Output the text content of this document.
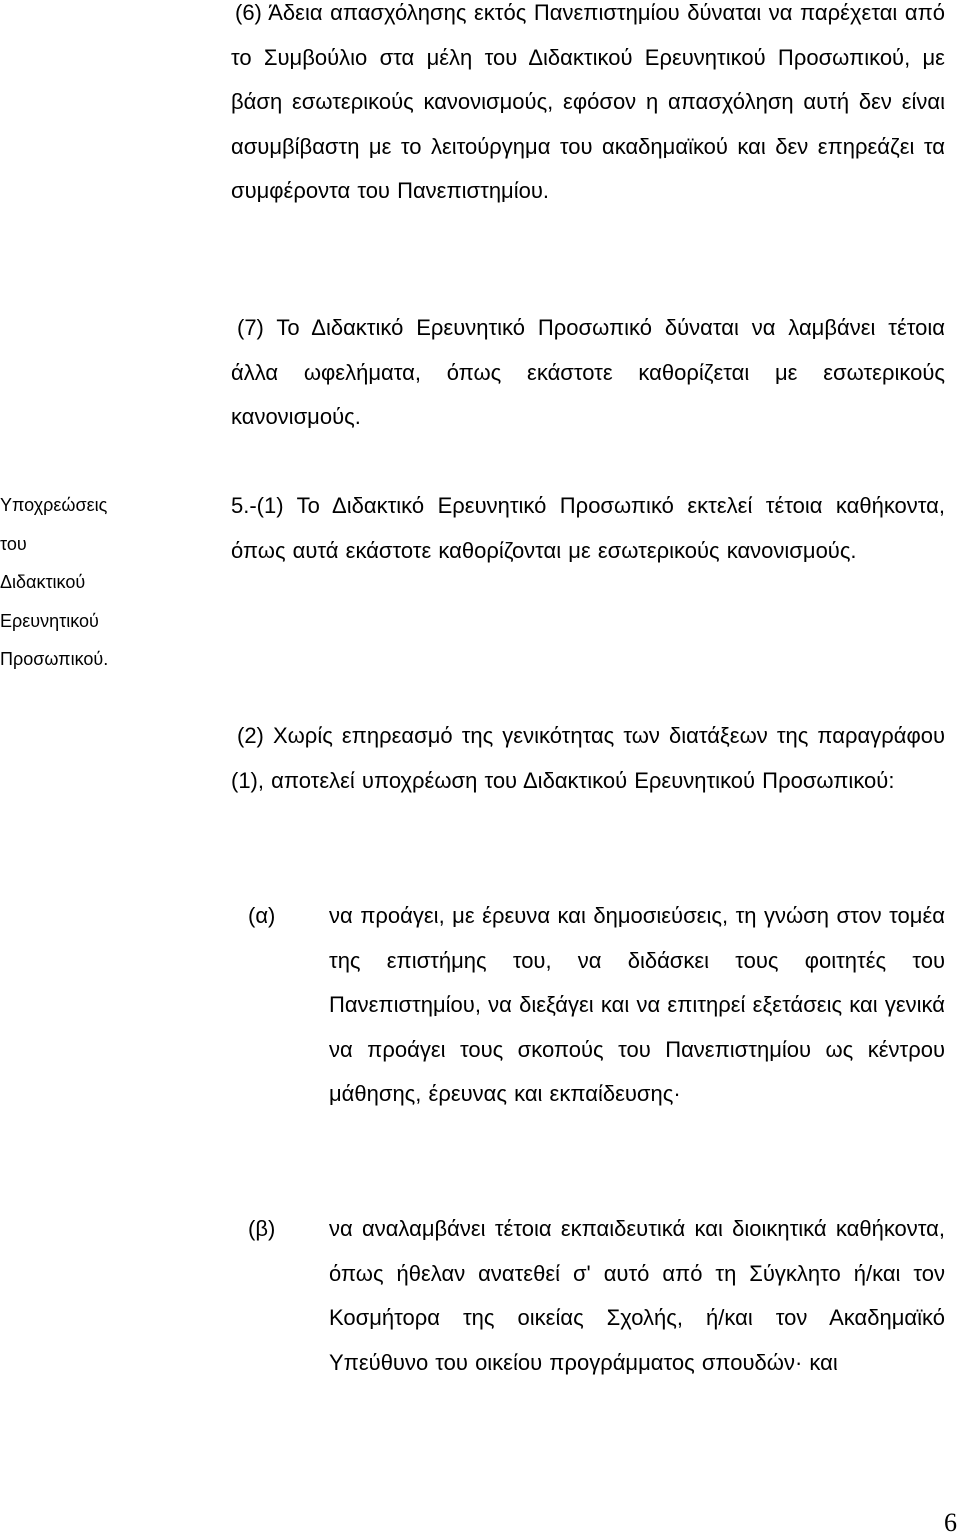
(6) Άδεια απασχόλησης εκτός Πανεπιστημίου δύναται να παρέχεται από το Συμβούλιο στα μέλη του Διδακτικού Ερευνητικού Προσωπικού, με βάση εσωτερικούς κανονισμούς, εφόσον η απασχόληση αυτή δεν είναι ασυμβίβαστη με το λειτούργημα του ακαδημαϊκού και δεν επηρεάζει τα συμφέροντα του Πανεπιστημίου.

(7) Το Διδακτικό Ερευνητικό Προσωπικό δύναται να λαμβάνει τέτοια άλλα ωφελήματα, όπως εκάστοτε καθορίζεται με εσωτερικούς κανονισμούς.

Υποχρεώσεις
του
Διδακτικού
Ερευνητικού
Προσωπικού.

5.-(1) Το Διδακτικό Ερευνητικό Προσωπικό εκτελεί τέτοια καθήκοντα, όπως αυτά εκάστοτε καθορίζονται με εσωτερικούς κανονισμούς.

(2) Χωρίς επηρεασμό της γενικότητας των διατάξεων της παραγράφου (1), αποτελεί υποχρέωση του Διδακτικού Ερευνητικού Προσωπικού:

(α)	να προάγει, με έρευνα και δημοσιεύσεις, τη γνώση στον τομέα της επιστήμης του, να διδάσκει τους φοιτητές του Πανεπιστημίου, να διεξάγει και να επιτηρεί εξετάσεις και γενικά να προάγει τους σκοπούς του Πανεπιστημίου ως κέντρου μάθησης, έρευνας και εκπαίδευσης·
(β)	να αναλαμβάνει τέτοια εκπαιδευτικά και διοικητικά καθήκοντα, όπως ήθελαν ανατεθεί σ' αυτό από τη Σύγκλητο ή/και τον Κοσμήτορα της οικείας Σχολής, ή/και τον Ακαδημαϊκό Υπεύθυνο του οικείου προγράμματος σπουδών· και
6
